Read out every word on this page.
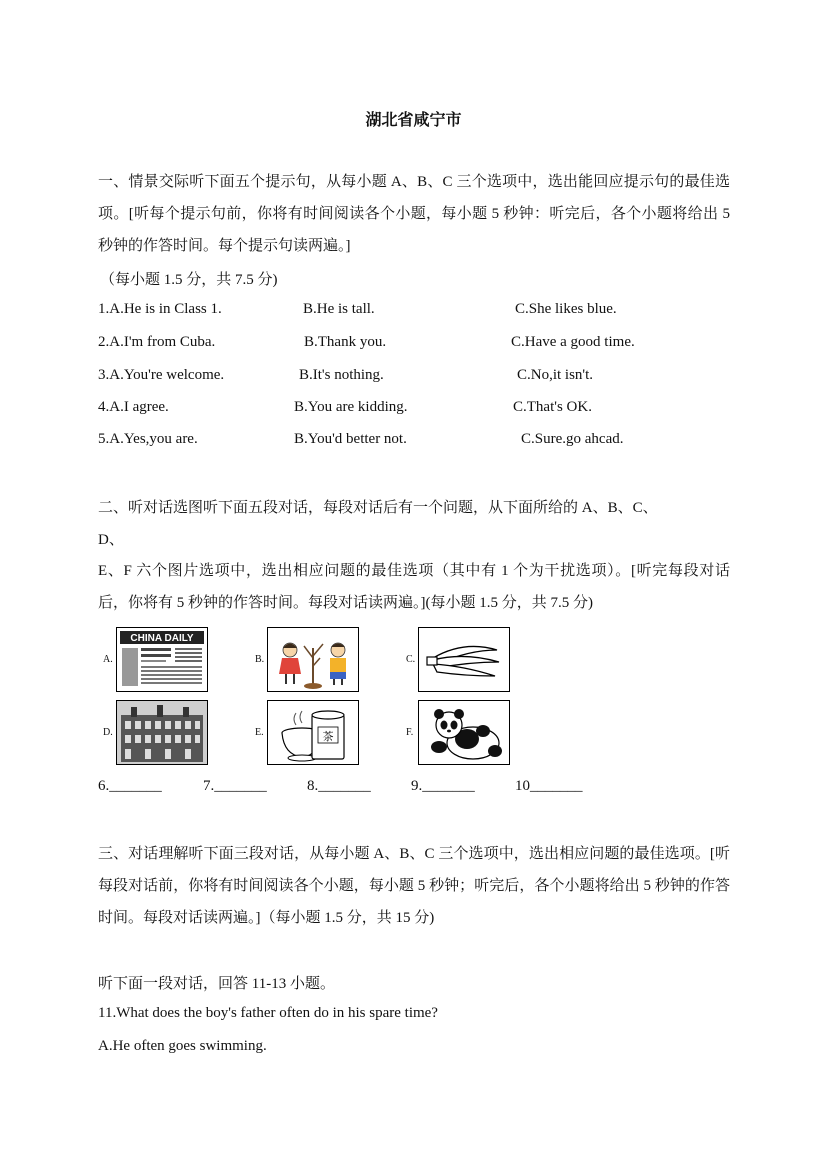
湖北省咸宁市
一、情景交际听下面五个提示句，从每小题 A、B、C 三个选项中，选出能回应提示句的最佳选项。[听每个提示句前，你将有时间阅读各个小题，每小题 5 秒钟：听完后，各个小题将给出 5 秒钟的作答时间。每个提示句读两遍。]
（每小题 1.5 分，共 7.5 分)
1.A.He is in Class 1.	B.He is tall.	C.She likes blue.
2.A.I'm from Cuba.	B.Thank you.	C.Have a good time.
3.A.You're welcome.	B.It's nothing.	C.No,it isn't.
4.A.I agree.	B.You are kidding.	C.That's OK.
5.A.Yes,you are.	B.You'd better not.	C.Sure.go ahcad.
二、听对话选图听下面五段对话，每段对话后有一个问题，从下面所给的 A、B、C、
D、
E、F 六个图片选项中，选出相应问题的最佳选项（其中有 1 个为干扰选项）。[听完每段对话后，你将有 5 秒钟的作答时间。每段对话读两遍。](每小题 1.5 分，共 7.5 分)
A.	B.	C.
D.	E.	F.
CHINA DAILY
茶
6._______	7._______	8._______	9._______	10_______
三、对话理解听下面三段对话，从每小题 A、B、C 三个选项中，选出相应问题的最佳选项。[听每段对话前，你将有时间阅读各个小题，每小题 5 秒钟；听完后，各个小题将给出 5 秒钟的作答时间。每段对话读两遍。]（每小题 1.5 分，共 15 分)
听下面一段对话，回答 11-13 小题。
11.What does the boy's father often do in his spare time?
A.He often goes swimming.
